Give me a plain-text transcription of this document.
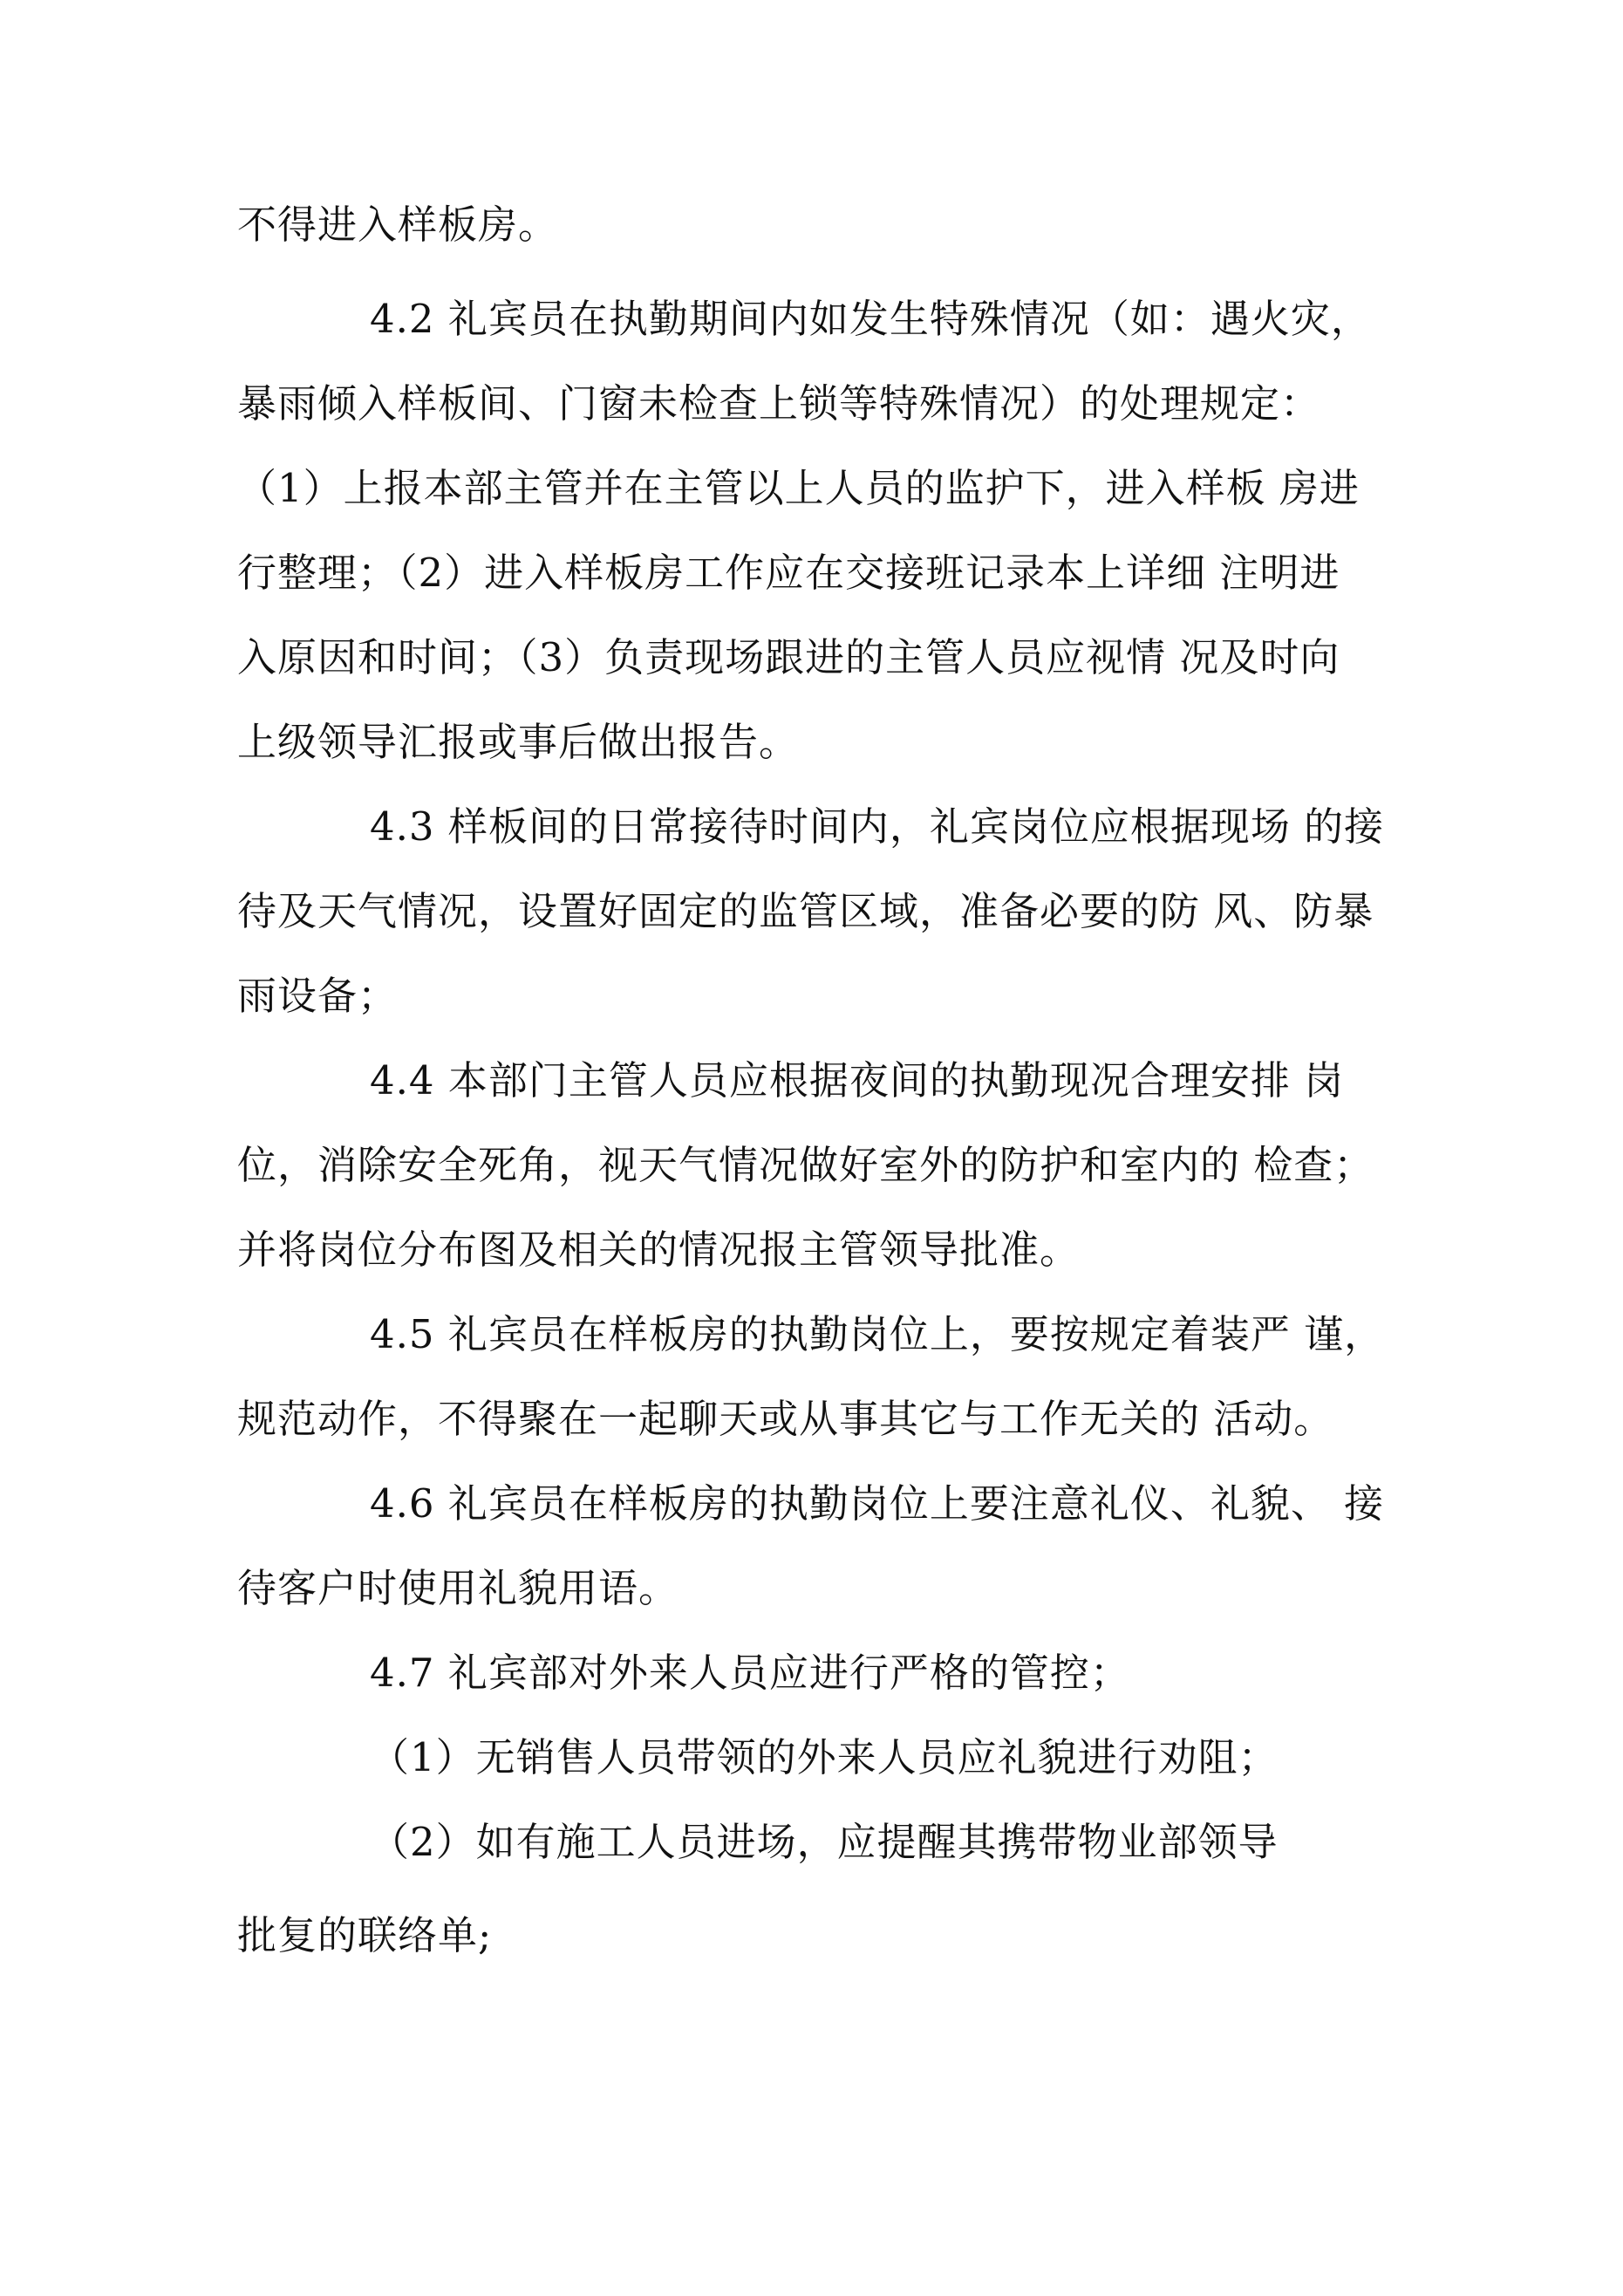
不得进入样板房。
4.2 礼宾员在执勤期间内如发生特殊情况（如：遇火灾，
暴雨倾入样板间、门窗未检查上锁等特殊情况）的处理规定：
（1）上报本部主管并在主管以上人员的监护下，进入样板 房进
行整理；（2）进入样板房工作应在交接班记录本上详细 注明进
入原因和时间；（3）负责现场跟进的主管人员应视情 况及时向
上级领导汇报或事后做出报告。
4.3 样板间的日常接待时间内，礼宾岗位应根据现场 的接
待及天气情况，设置好固定的监管区域，准备必要的防 风、防暴
雨设备；
4.4 本部门主管人员应根据夜间的执勤现况合理安排 岗
位，消除安全死角，视天气情况做好室外的防护和室内的 检查；
并将岗位分布图及相关的情况报主管领导批准。
4.5 礼宾员在样板房的执勤岗位上，要按规定着装严 谨，
规范动作，不得聚在一起聊天或从事其它与工作无关的 活动。
4.6 礼宾员在样板房的执勤岗位上要注意礼仪、礼貌、 接
待客户时使用礼貌用语。
4.7 礼宾部对外来人员应进行严格的管控；
（1）无销售人员带领的外来人员应礼貌进行劝阻；
（2）如有施工人员进场，应提醒其携带物业部领导
批复的联络单;
